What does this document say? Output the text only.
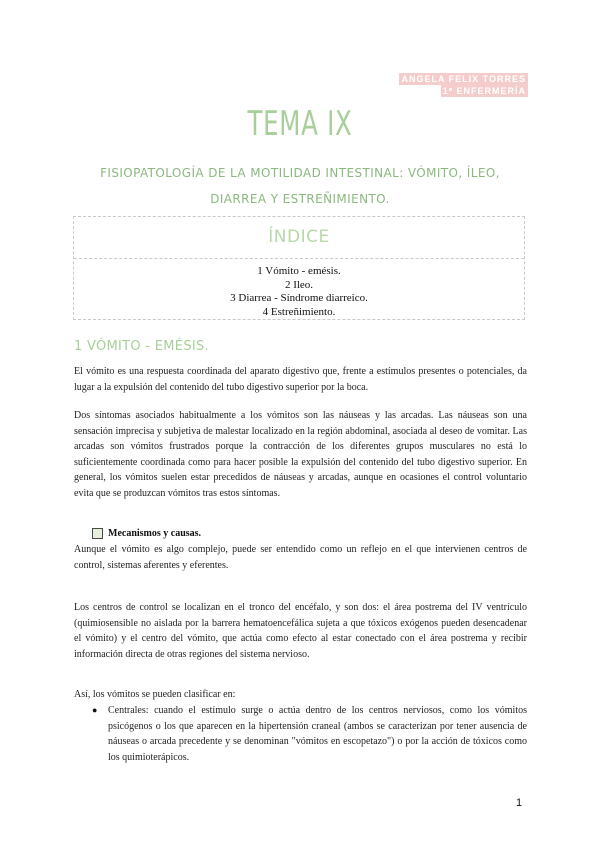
ANGELA FELIX TORRES
1º ENFERMERÍA
TEMA IX
FISIOPATOLOGÍA DE LA MOTILIDAD INTESTINAL: VÓMITO, ÍLEO, DIARREA Y ESTREÑIMIENTO.
ÍNDICE
1 Vómito - emésis.
2 Ileo.
3 Diarrea - Síndrome diarreico.
4 Estreñimiento.
1 VÓMITO - EMÉSIS.
El vómito es una respuesta coordinada del aparato digestivo que, frente a estímulos presentes o potenciales, da lugar a la expulsión del contenido del tubo digestivo superior por la boca.
Dos síntomas asociados habitualmente a los vómitos son las náuseas y las arcadas. Las náuseas son una sensación imprecisa y subjetiva de malestar localizado en la región abdominal, asociada al deseo de vomitar. Las arcadas son vómitos frustrados porque la contracción de los diferentes grupos musculares no está lo suficientemente coordinada como para hacer posible la expulsión del contenido del tubo digestivo superior. En general, los vómitos suelen estar precedidos de náuseas y arcadas, aunque en ocasiones el control voluntario evita que se produzcan vómitos tras estos síntomas.
Mecanismos y causas.
Aunque el vómito es algo complejo, puede ser entendido como un reflejo en el que intervienen centros de control, sistemas aferentes y eferentes.
Los centros de control se localizan en el tronco del encéfalo, y son dos: el área postrema del IV ventrículo (quimiosensible no aislada por la barrera hematoencefálica sujeta a que tóxicos exógenos pueden desencadenar el vómito) y el centro del vómito, que actúa como efecto al estar conectado con el área postrema y recibir información directa de otras regiones del sistema nervioso.
Así, los vómitos se pueden clasificar en:
●	Centrales: cuando el estímulo surge o actúa dentro de los centros nerviosos, como los vómitos psicógenos o los que aparecen en la hipertensión craneal (ambos se caracterizan por tener ausencia de náuseas o arcada precedente y se denominan "vómitos en escopetazo") o por la acción de tóxicos como los quimioterápicos.
1
